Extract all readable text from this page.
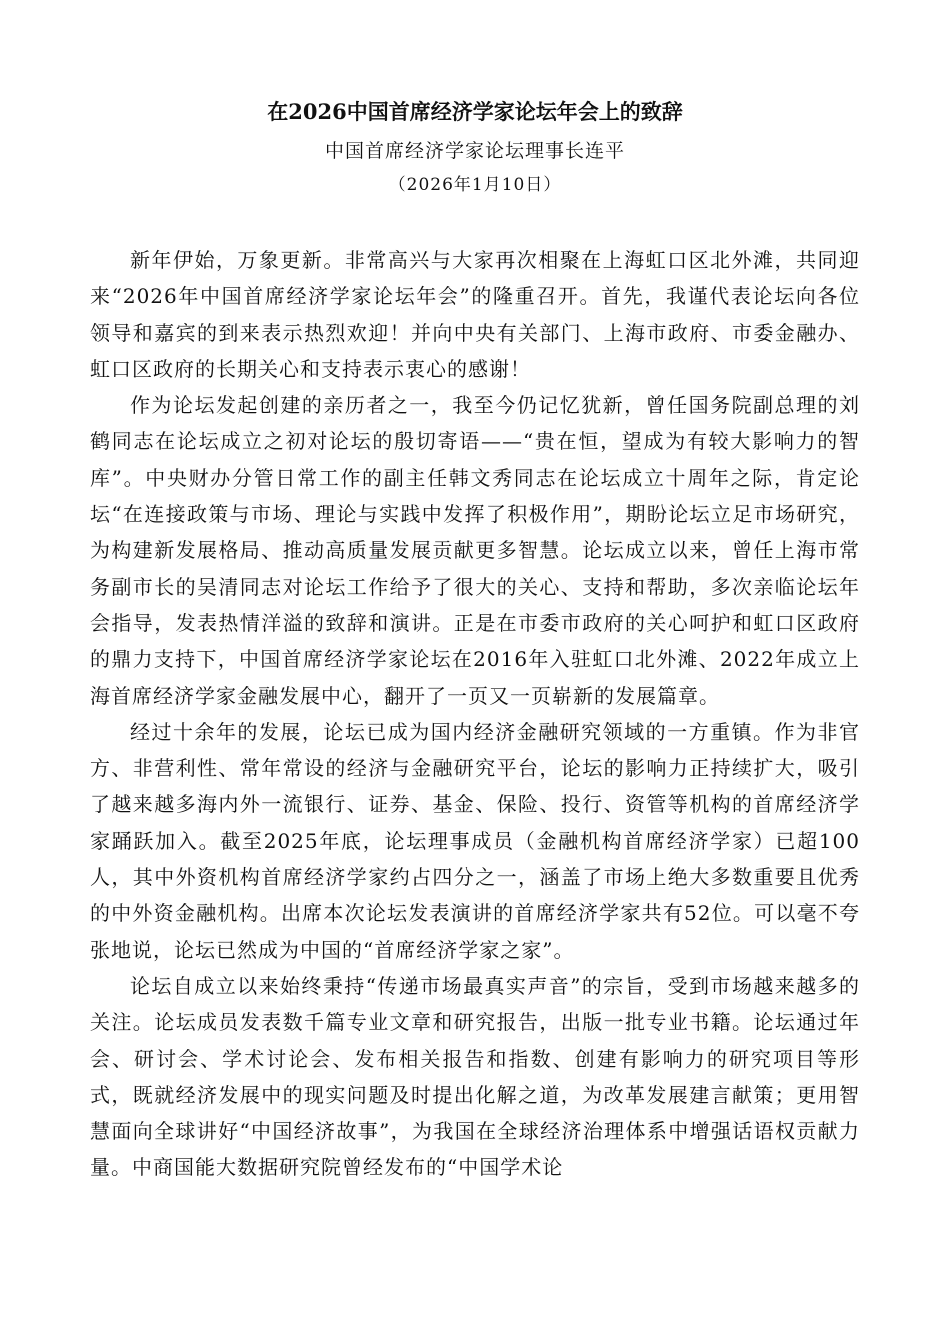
在2026中国首席经济学家论坛年会上的致辞
中国首席经济学家论坛理事长连平
（2026年1月10日）

新年伊始，万象更新。非常高兴与大家再次相聚在上海虹口区北外滩，共同迎来“2026年中国首席经济学家论坛年会”的隆重召开。首先，我谨代表论坛向各位领导和嘉宾的到来表示热烈欢迎！并向中央有关部门、上海市政府、市委金融办、虹口区政府的长期关心和支持表示衷心的感谢！

作为论坛发起创建的亲历者之一，我至今仍记忆犹新，曾任国务院副总理的刘鹤同志在论坛成立之初对论坛的殷切寄语——“贵在恒，望成为有较大影响力的智库”。中央财办分管日常工作的副主任韩文秀同志在论坛成立十周年之际，肯定论坛“在连接政策与市场、理论与实践中发挥了积极作用”，期盼论坛立足市场研究，为构建新发展格局、推动高质量发展贡献更多智慧。论坛成立以来，曾任上海市常务副市长的吴清同志对论坛工作给予了很大的关心、支持和帮助，多次亲临论坛年会指导，发表热情洋溢的致辞和演讲。正是在市委市政府的关心呵护和虹口区政府的鼎力支持下，中国首席经济学家论坛在2016年入驻虹口北外滩、2022年成立上海首席经济学家金融发展中心，翻开了一页又一页崭新的发展篇章。

经过十余年的发展，论坛已成为国内经济金融研究领域的一方重镇。作为非官方、非营利性、常年常设的经济与金融研究平台，论坛的影响力正持续扩大，吸引了越来越多海内外一流银行、证券、基金、保险、投行、资管等机构的首席经济学家踊跃加入。截至2025年底，论坛理事成员（金融机构首席经济学家）已超100人，其中外资机构首席经济学家约占四分之一，涵盖了市场上绝大多数重要且优秀的中外资金融机构。出席本次论坛发表演讲的首席经济学家共有52位。可以毫不夸张地说，论坛已然成为中国的“首席经济学家之家”。

论坛自成立以来始终秉持“传递市场最真实声音”的宗旨，受到市场越来越多的关注。论坛成员发表数千篇专业文章和研究报告，出版一批专业书籍。论坛通过年会、研讨会、学术讨论会、发布相关报告和指数、创建有影响力的研究项目等形式，既就经济发展中的现实问题及时提出化解之道，为改革发展建言献策；更用智慧面向全球讲好“中国经济故事”，为我国在全球经济治理体系中增强话语权贡献力量。中商国能大数据研究院曾经发布的“中国学术论
